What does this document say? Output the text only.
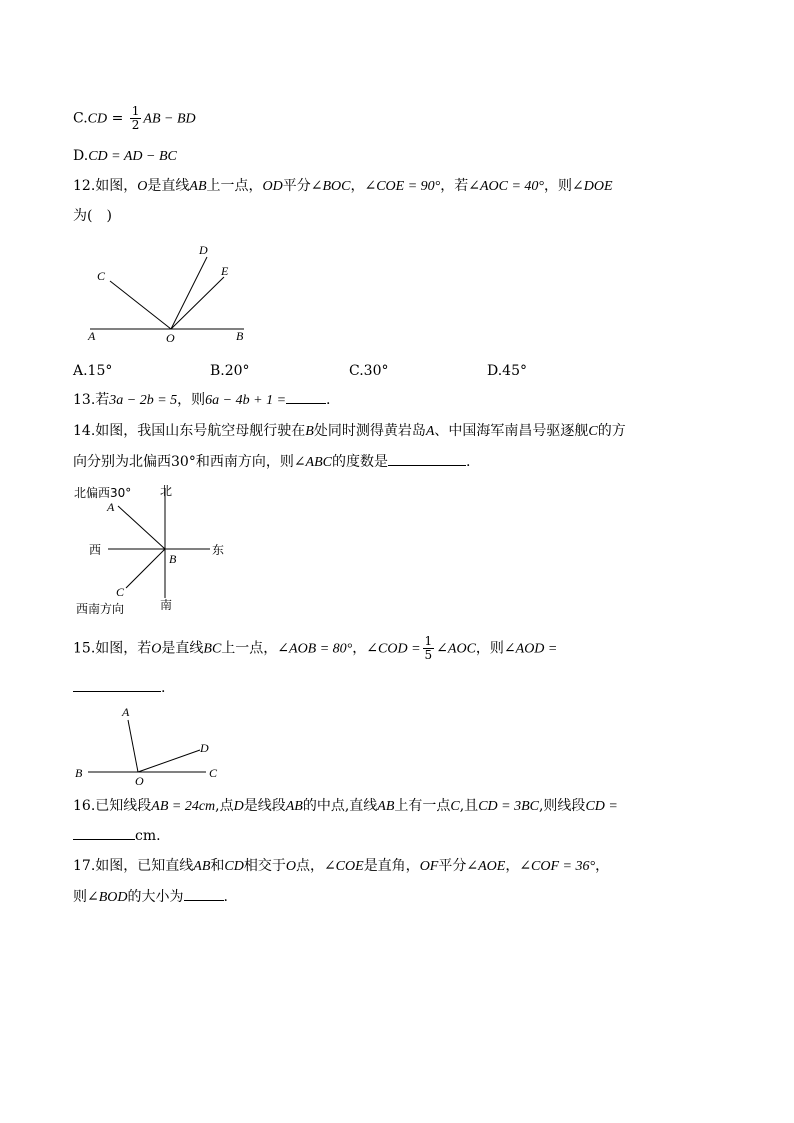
$C.CD = \frac{1}{2}$ AB − BD
D.CD = AD − BC
12.如图，O是直线AB上一点，OD平分∠BOC，∠COE = 90°，若∠AOC = 40°，则∠DOE
为(　)
A	B
O
C
D
E
A.15°	B.20°	C.30°	D.45°
13.若3a − 2b = 5，则6a − 4b + 1 =	.
14.如图，我国山东号航空母舰行驶在B处同时测得黄岩岛A、中国海军南昌号驱逐舰C的方
向分别为北偏西30°和西南方向，则∠ABC的度数是	.
北偏西30° 北
西	东
南
西南方向
A
B
C
15.如图，若O是直线BC上一点，∠AOB = 80°，∠COD = $\frac{1}{5}$ ∠AOC，则∠AOD =
.
A
B	C
D
O
16.已知线段AB = 24cm,点D是线段AB的中点,直线AB上有一点C,且CD = 3BC,则线段CD =
cm.
17.如图，已知直线AB和CD相交于O点，∠COE是直角，OF平分∠AOE，∠COF = 36°，
则∠BOD的大小为	.
